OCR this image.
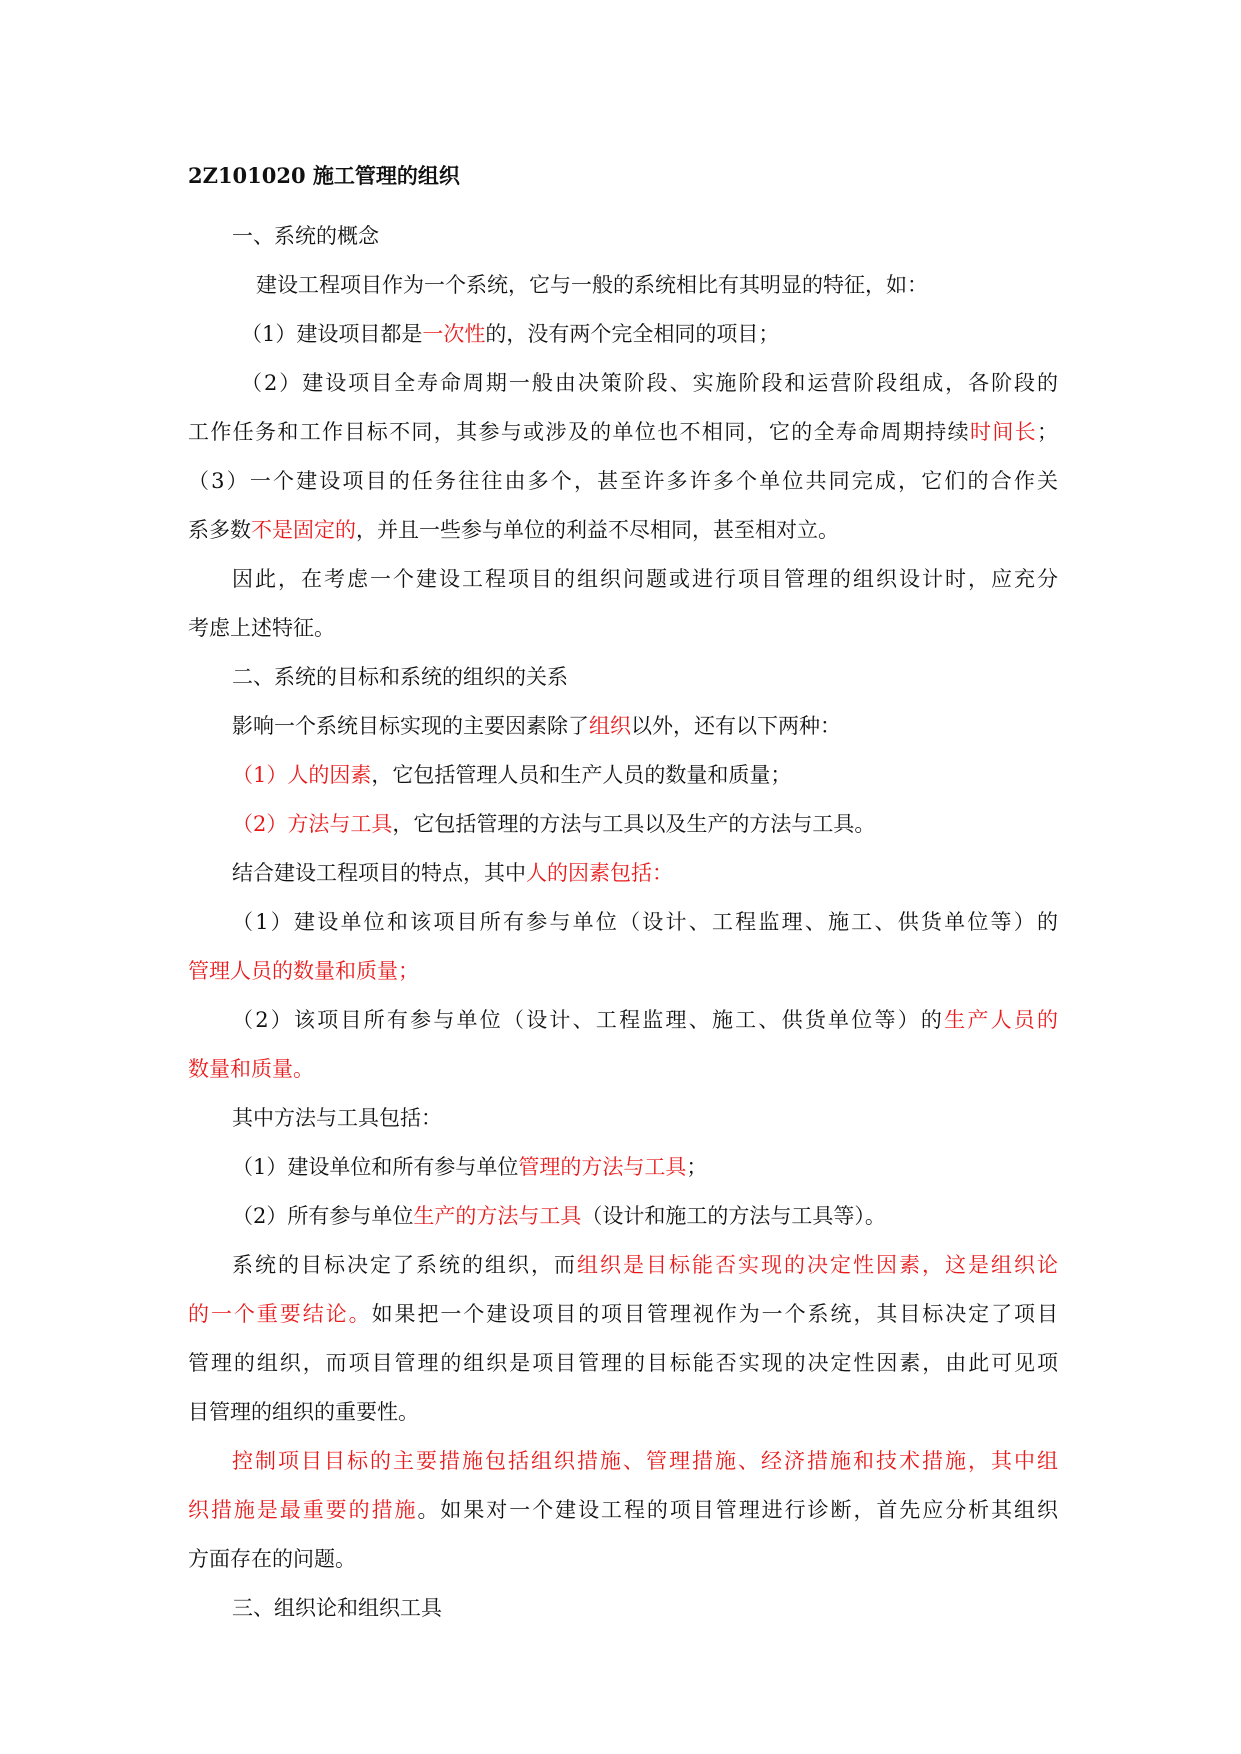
2Z101020 施工管理的组织
一、系统的概念
建设工程项目作为一个系统，它与一般的系统相比有其明显的特征，如：
（1）建设项目都是一次性的，没有两个完全相同的项目；
（2）建设项目全寿命周期一般由决策阶段、实施阶段和运营阶段组成，各阶段的
工作任务和工作目标不同，其参与或涉及的单位也不相同，它的全寿命周期持续时间长；
（3）一个建设项目的任务往往由多个，甚至许多许多个单位共同完成，它们的合作关
系多数不是固定的，并且一些参与单位的利益不尽相同，甚至相对立。
因此，在考虑一个建设工程项目的组织问题或进行项目管理的组织设计时，应充分
考虑上述特征。
二、系统的目标和系统的组织的关系
影响一个系统目标实现的主要因素除了组织以外，还有以下两种：
（1）人的因素，它包括管理人员和生产人员的数量和质量；
（2）方法与工具，它包括管理的方法与工具以及生产的方法与工具。
结合建设工程项目的特点，其中人的因素包括：
（1）建设单位和该项目所有参与单位（设计、工程监理、施工、供货单位等）的
管理人员的数量和质量；
（2）该项目所有参与单位（设计、工程监理、施工、供货单位等）的生产人员的
数量和质量。
其中方法与工具包括：
（1）建设单位和所有参与单位管理的方法与工具；
（2）所有参与单位生产的方法与工具（设计和施工的方法与工具等）。
系统的目标决定了系统的组织，而组织是目标能否实现的决定性因素，这是组织论
的一个重要结论。如果把一个建设项目的项目管理视作为一个系统，其目标决定了项目
管理的组织，而项目管理的组织是项目管理的目标能否实现的决定性因素，由此可见项
目管理的组织的重要性。
控制项目目标的主要措施包括组织措施、管理措施、经济措施和技术措施，其中组
织措施是最重要的措施。如果对一个建设工程的项目管理进行诊断，首先应分析其组织
方面存在的问题。
三、组织论和组织工具
